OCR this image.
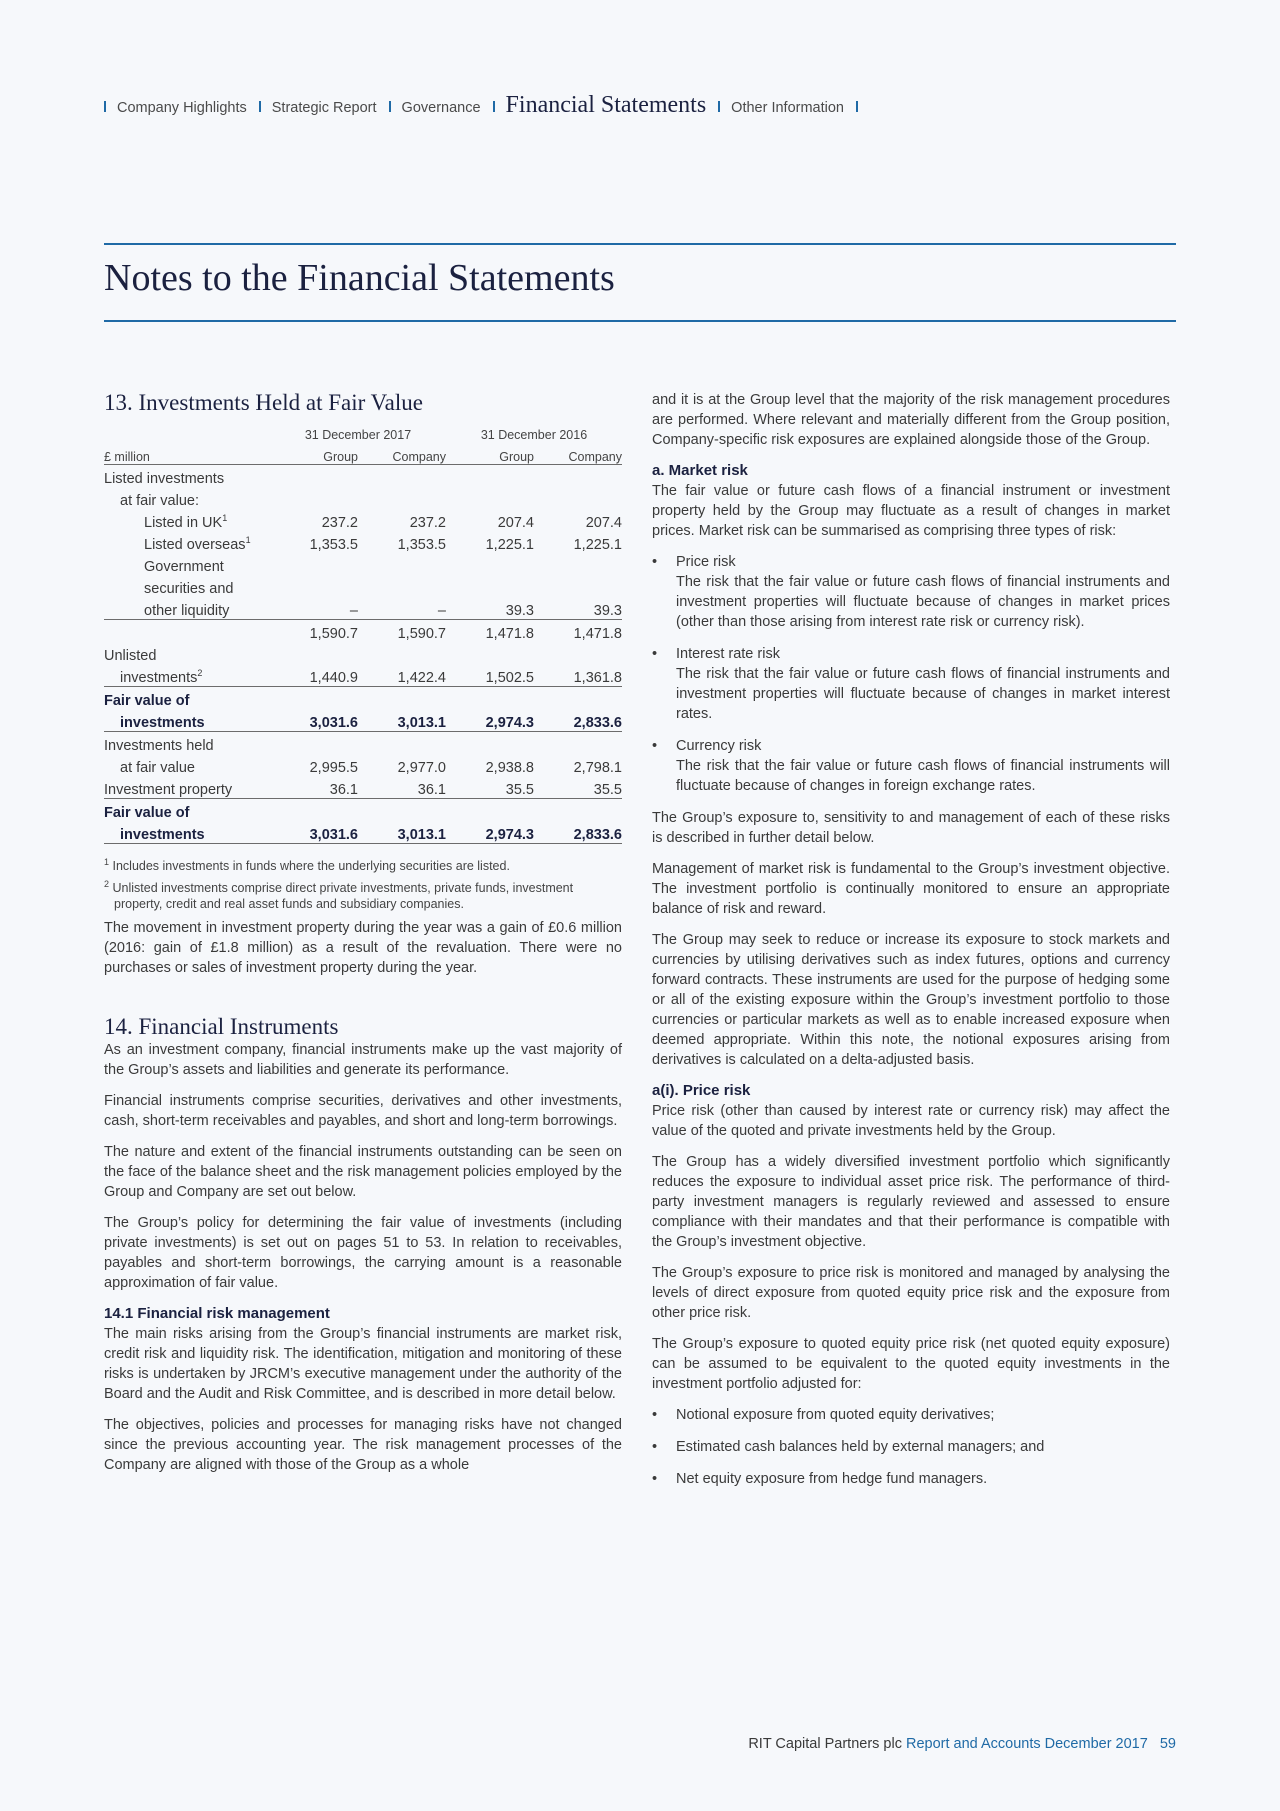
Company Highlights Strategic Report Governance Financial Statements Other Information
Notes to the Financial Statements
13. Investments Held at Fair Value
	31 December 2017		31 December 2016	
£ million	Group	Company	Group	Company
Listed investments				
at fair value:				
Listed in $UK^1$	237.2	237.2	207.4	207.4
Listed overseas$^1$	1,353.5	1,353.5	1,225.1	1,225.1
Government				
securities and				
other liquidity	–	–	39.3	39.3
	1,590.7	1,590.7	1,471.8	1,471.8
Unlisted				
investments$^2$	1,440.9	1,422.4	1,502.5	1,361.8
Fair value of				
investments	3,031.6	3,013.1	2,974.3	2,833.6
Investments held				
at fair value	2,995.5	2,977.0	2,938.8	2,798.1
Investment property	36.1	36.1	35.5	35.5
Fair value of				
investments	3,031.6	3,013.1	2,974.3	2,833.6
$^1$ Includes investments in funds where the underlying securities are listed.
$^2$ Unlisted investments comprise direct private investments, private funds, investment property, credit and real asset funds and subsidiary companies.

The movement in investment property during the year was a gain of £0.6 million (2016: gain of £1.8 million) as a result of the revaluation. There were no purchases or sales of investment property during the year.

14. Financial Instruments

As an investment company, financial instruments make up the vast majority of the Group’s assets and liabilities and generate its performance.

Financial instruments comprise securities, derivatives and other investments, cash, short-term receivables and payables, and short and long-term borrowings.

The nature and extent of the financial instruments outstanding can be seen on the face of the balance sheet and the risk management policies employed by the Group and Company are set out below.

The Group’s policy for determining the fair value of investments (including private investments) is set out on pages 51 to 53. In relation to receivables, payables and short-term borrowings, the carrying amount is a reasonable approximation of fair value.

14.1 Financial risk management

The main risks arising from the Group’s financial instruments are market risk, credit risk and liquidity risk. The identification, mitigation and monitoring of these risks is undertaken by JRCM’s executive management under the authority of the Board and the Audit and Risk Committee, and is described in more detail below.

The objectives, policies and processes for managing risks have not changed since the previous accounting year. The risk management processes of the Company are aligned with those of the Group as a whole

and it is at the Group level that the majority of the risk management procedures are performed. Where relevant and materially different from the Group position, Company-specific risk exposures are explained alongside those of the Group.

a. Market risk

The fair value or future cash flows of a financial instrument or investment property held by the Group may fluctuate as a result of changes in market prices. Market risk can be summarised as comprising three types of risk:

• Price risk
The risk that the fair value or future cash flows of financial instruments and investment properties will fluctuate because of changes in market prices (other than those arising from interest rate risk or currency risk).
• Interest rate risk
The risk that the fair value or future cash flows of financial instruments and investment properties will fluctuate because of changes in market interest rates.
• Currency risk
The risk that the fair value or future cash flows of financial instruments will fluctuate because of changes in foreign exchange rates.

The Group’s exposure to, sensitivity to and management of each of these risks is described in further detail below.

Management of market risk is fundamental to the Group’s investment objective. The investment portfolio is continually monitored to ensure an appropriate balance of risk and reward.

The Group may seek to reduce or increase its exposure to stock markets and currencies by utilising derivatives such as index futures, options and currency forward contracts. These instruments are used for the purpose of hedging some or all of the existing exposure within the Group’s investment portfolio to those currencies or particular markets as well as to enable increased exposure when deemed appropriate. Within this note, the notional exposures arising from derivatives is calculated on a delta-adjusted basis.

a(i). Price risk

Price risk (other than caused by interest rate or currency risk) may affect the value of the quoted and private investments held by the Group.

The Group has a widely diversified investment portfolio which significantly reduces the exposure to individual asset price risk. The performance of third-party investment managers is regularly reviewed and assessed to ensure compliance with their mandates and that their performance is compatible with the Group’s investment objective.

The Group’s exposure to price risk is monitored and managed by analysing the levels of direct exposure from quoted equity price risk and the exposure from other price risk.

The Group’s exposure to quoted equity price risk (net quoted equity exposure) can be assumed to be equivalent to the quoted equity investments in the investment portfolio adjusted for:

• Notional exposure from quoted equity derivatives;
• Estimated cash balances held by external managers; and
• Net equity exposure from hedge fund managers.
RIT Capital Partners plc Report and Accounts December 2017 59
